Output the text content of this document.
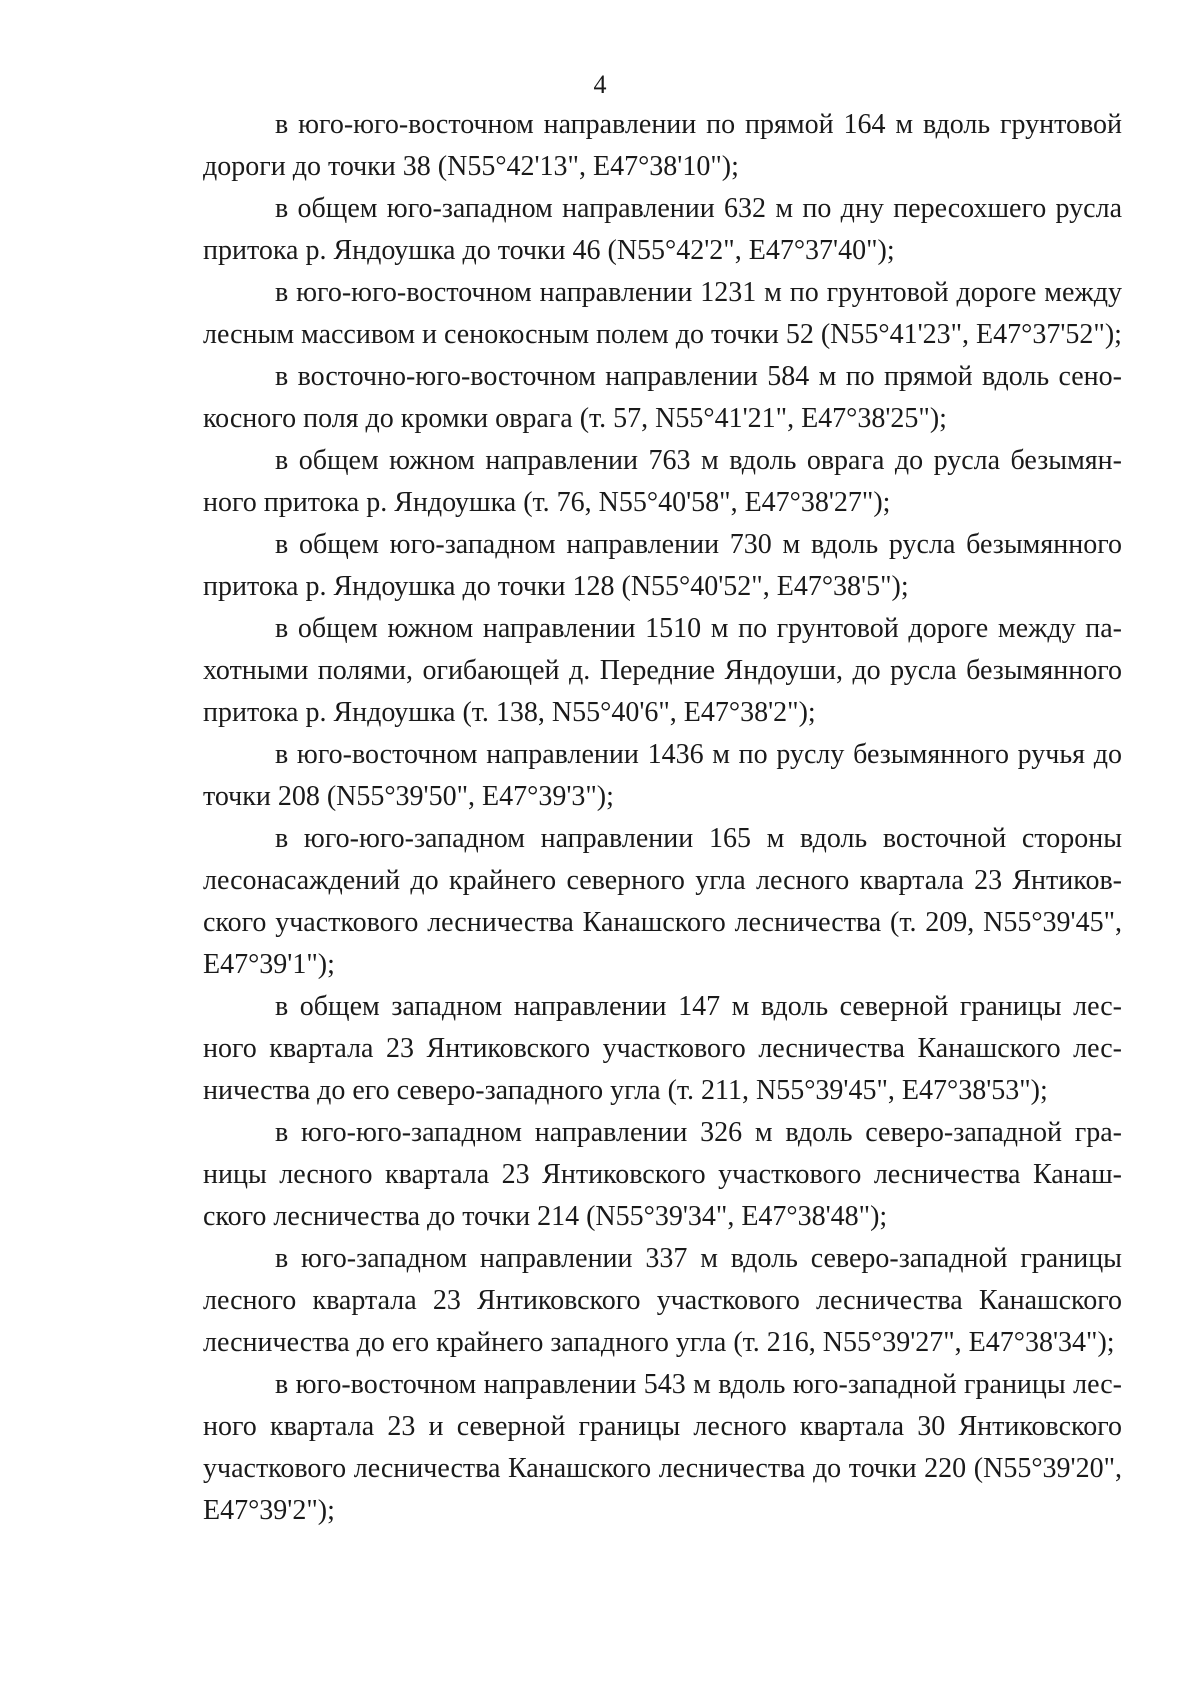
4

в юго-юго-восточном направлении по прямой 164 м вдоль грунтовой дороги до точки 38 (N55°42'13", E47°38'10");

в общем юго-западном направлении 632 м по дну пересохшего русла притока р. Яндоушка до точки 46 (N55°42'2", E47°37'40");

в юго-юго-восточном направлении 1231 м по грунтовой дороге между лесным массивом и сенокосным полем до точки 52 (N55°41'23", E47°37'52");

в восточно-юго-восточном направлении 584 м по прямой вдоль сенокосного поля до кромки оврага (т. 57, N55°41'21", E47°38'25");

в общем южном направлении 763 м вдоль оврага до русла безымянного притока р. Яндоушка (т. 76, N55°40'58", E47°38'27");

в общем юго-западном направлении 730 м вдоль русла безымянного притока р. Яндоушка до точки 128 (N55°40'52", E47°38'5");

в общем южном направлении 1510 м по грунтовой дороге между пахотными полями, огибающей д. Передние Яндоуши, до русла безымянного притока р. Яндоушка (т. 138, N55°40'6", E47°38'2");

в юго-восточном направлении 1436 м по руслу безымянного ручья до точки 208 (N55°39'50", E47°39'3");

в юго-юго-западном направлении 165 м вдоль восточной стороны лесонасаждений до крайнего северного угла лесного квартала 23 Янтиковского участкового лесничества Канашского лесничества (т. 209, N55°39'45", E47°39'1");

в общем западном направлении 147 м вдоль северной границы лесного квартала 23 Янтиковского участкового лесничества Канашского лесничества до его северо-западного угла (т. 211, N55°39'45", E47°38'53");

в юго-юго-западном направлении 326 м вдоль северо-западной границы лесного квартала 23 Янтиковского участкового лесничества Канашского лесничества до точки 214 (N55°39'34", E47°38'48");

в юго-западном направлении 337 м вдоль северо-западной границы лесного квартала 23 Янтиковского участкового лесничества Канашского лесничества до его крайнего западного угла (т. 216, N55°39'27", E47°38'34");

в юго-восточном направлении 543 м вдоль юго-западной границы лесного квартала 23 и северной границы лесного квартала 30 Янтиковского участкового лесничества Канашского лесничества до точки 220 (N55°39'20", E47°39'2");
